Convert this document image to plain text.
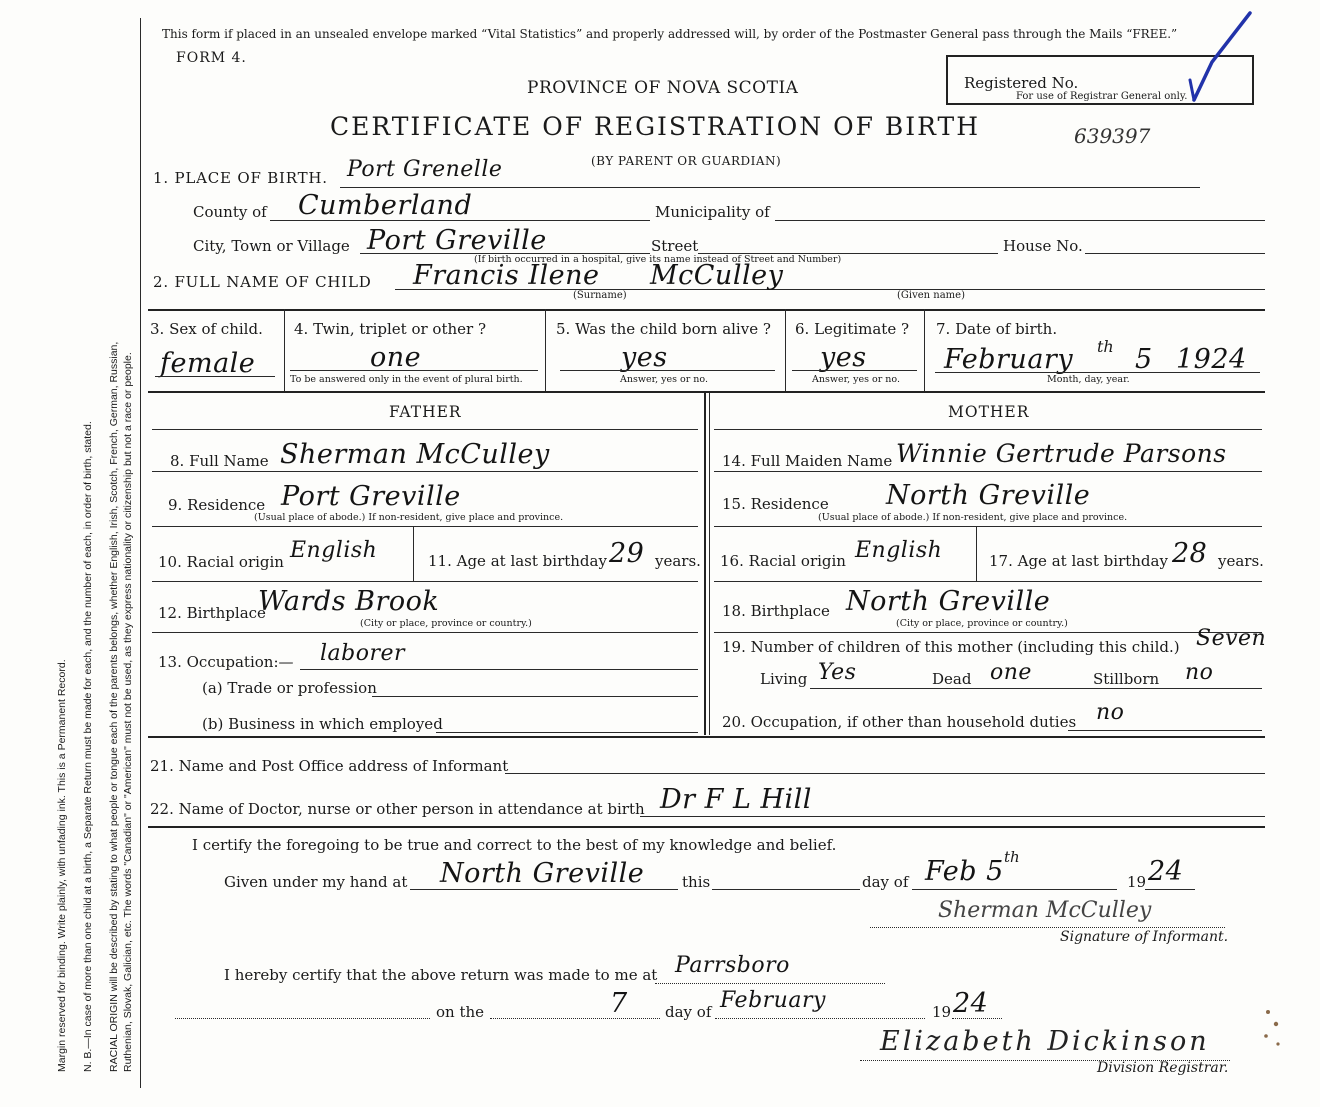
Margin reserved for binding. Write plainly, with unfading ink. This is a Permanent Record. N. B.—In case of more than one child at a birth, a Separate Return must be made for each, and the number of each, in order of birth, stated. RACIAL ORIGIN will be described by stating to what people or tongue each of the parents belongs, whether English, Irish, Scotch, French, German, Russian, Ruthenian, Slovak, Galician, etc. The words "Canadian" or "American" must not be used, as they express nationality or citizenship but not a race or people.
This form if placed in an unsealed envelope marked “Vital Statistics” and properly addressed will, by order of the Postmaster General pass through the Mails “FREE.”
FORM 4.
PROVINCE OF NOVA SCOTIA	Registered No.
For use of Registrar General only.
CERTIFICATE OF REGISTRATION OF BIRTH	639397
(BY PARENT OR GUARDIAN)
1. PLACE OF BIRTH. Port Grenelle
County of Cumberland	Municipality of
City, Town or Village Port Greville	Street	House No.
(If birth occurred in a hospital, give its name instead of Street and Number)
2. FULL NAME OF CHILD Francis Ilene McCulley
(Surname)	(Given name)
3. Sex of child.
female
4. Twin, triplet or other ?
one
To be answered only in the event of plural birth.
5. Was the child born alive ?
yes
Answer, yes or no.
6. Legitimate ?
yes
Answer, yes or no.
7. Date of birth.
February th 5 1924
Month, day, year.
FATHER	MOTHER
8. Full Name Sherman McCulley
9. Residence Port Greville
(Usual place of abode.) If non-resident, give place and province.
10. Racial origin English	11. Age at last birthday 29 years.
12. Birthplace
Wards Brook
(City or place, province or country.)
13. Occupation:— laborer
(a) Trade or profession
(b) Business in which employed
14. Full Maiden Name Winnie Gertrude Parsons
15. Residence North Greville
(Usual place of abode.) If non-resident, give place and province.
16. Racial origin English	17. Age at last birthday 28 years.
18. Birthplace North Greville
(City or place, province or country.)
19. Number of children of this mother (including this child.) Seven
Living Yes	Dead one	Stillborn no
20. Occupation, if other than household duties no
21. Name and Post Office address of Informant
22. Name of Doctor, nurse or other person in attendance at birth Dr F L Hill
I certify the foregoing to be true and correct to the best of my knowledge and belief.
Given under my hand at North Greville	this	day of Feb 5 th
19 24
Sherman McCulley
Signature of Informant.
I hereby certify that the above return was made to me at Parrsboro
on the	7 day of February	19 24
Elizabeth Dickinson
Division Registrar.
